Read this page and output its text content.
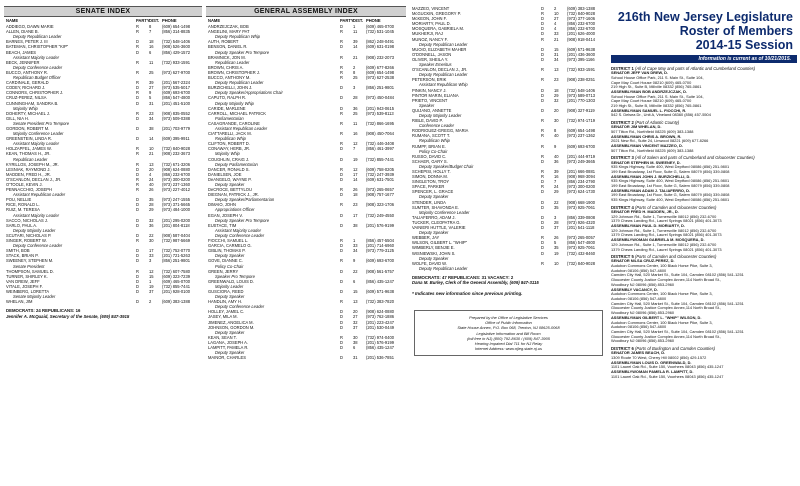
SENATE INDEX
NAME	PARTY DIST. PHONE
ADDIEGO, DAWN MARIE	R	8	(609) 654-1498
ALLEN, DIANE B.	R	7	(856) 314-8835
Deputy Republican Leader
BARNES, PETER J. III	D	18	(732) 548-1406
BATEMAN, CHRISTOPHER "KIP"	R	16	(908) 526-3600
BEACH, JAMES	D	6	(856) 429-1572
Assistant Majority Leader
BECK, JENNIFER	R	11	(732) 933-1591
Deputy Conference Leader
BUCCO, ANTHONY R.	R	25	(973) 627-9700
Republican Budget Officer
CARDINALE, GERALD	R	39	(201) 567-2324
CODEY, RICHARD J.	D	27	(973) 535-5017
CONNORS, CHRISTOPHER J.	R	9	(609) 693-6700
CRUZ-PEREZ, NILSA	D	5	(856) 547-4800
CUNNINGHAM, SANDRA B.	D	31	(201) 451-5100
Majority Whip
DOHERTY, MICHAEL J.	R	23	(908) 835-0552
GILL, NIA H.	D	34	(973) 509-0388
Senate President Pro Tempore
GORDON, ROBERT M.	D	38	(201) 703-9779
Majority Conference Leader
GREENSTEIN, LINDA R.	D	14	(609) 395-9911
Assistant Majority Leader
HOLZAPFEL, JAMES W.	R	10	(732) 840-9028
KEAN, THOMAS H., JR.	R	21	(908) 232-3673
Republican Leader
KYRILLOS, JOSEPH M., JR.	R	13	(732) 671-3206
LESNIAK, RAYMOND J.	D	20	(908) 624-0880
MADDEN, FRED H., JR.	D	4	(856) 232-6700
O'SCANLON, DECLAN J., JR.	R	24	(973) 300-0200
O'TOOLE, KEVIN J.	R	40	(973) 237-1360
PENNACCHIO, JOSEPH	R	26	(973) 227-4012
Assistant Republican Leader
POU, NELLIE	D	35	(973) 247-1555
RICE, RONALD L.	D	28	(973) 371-5665
RUIZ, M. TERESA	D	29	(973) 484-1000
Assistant Majority Leader
SACCO, NICHOLAS J.	D	32	(201) 295-0200
SARLO, PAUL A.	D	36	(201) 804-8118
Deputy Majority Leader
SCUTARI, NICHOLAS P.	D	22	(908) 587-0404
SINGER, ROBERT W.	R	30	(732) 987-5669
Deputy Conference Leader
SMITH, BOB	D	17	(732) 752-0770
STACK, BRIAN P.	D	33	(201) 721-5263
SWEENEY, STEPHEN M.	D	3	(856) 251-9801
Senate President
THOMPSON, SAMUEL D.	R	12	(732) 607-7580
TURNER, SHIRLEY K.	D	15	(609) 323-7239
VAN DREW, JEFF	D	1	(609) 465-0700
VITALE, JOSEPH F.	D	19	(732) 855-7441
WEINBERG, LORETTA	D	37	(201) 928-0100
Senate Majority Leader
WHELAN, JIM	D	2	(609) 383-1388
DEMOCRATS: 24 REPUBLICANS: 16
Jennifer A. McQuaid, Secretary of the Senate, (609) 847-3915
GENERAL ASSEMBLY INDEX
NAME	PARTY DIST. PHONE
ANDRZEJCZAK, BOB	D	1	(609) 465-0700
ANGELINI, MARY PAT	R	11	(732) 531-1045
Deputy Republican Whip
AUTH, ROBERT	R	39	(862) 248-0491
BENSON, DANIEL R.	D	14	(609) 631-0198
Deputy Speaker Pro Tempore
BRAMNICK, JON M.	R	21	(908) 232-2073
Republican Leader
BROWN, CHRIS A.	R	2	(609) 677-8266
BROWN, CHRISTOPHER J.	R	8	(609) 654-1498
BUCCO, ANTHONY M.	R	25	(973) 627-2538
Deputy Republican Leader
BURZICHELLI, JOHN J.	D	3	(856) 251-9801
Deputy Speaker/Appropriations Chair
CAPUTO, RALPH R.	D	28	(973) 450-0484
Deputy Majority Whip
CARIDE, MARLENE	D	36	(201) 943-0615
CARROLL, MICHAEL PATRICK	R	25	(973) 539-8113
Parliamentarian
CASAGRANDE, CAROLINE	R	11	(732) 866-1695
Assistant Republican Leader
CIATTARELLI, JACK M.	R	16	(908) 450-7064
Republican Whip
CLIFTON, ROBERT D.	R	12	(732) 446-3408
CONAWAY, HERB, JR.	D	7	(856) 461-3997
Majority Whip
COUGHLIN, CRAIG J.	D	19	(732) 855-7441
Deputy Parliamentarian
DANCER, RONALD S.	R	12	(609) 758-0205
DANIELSEN, JOE	D	17	(732) 247-3939
DeANGELO, WAYNE P.	D	14	(609) 631-7501
Deputy Speaker
DeCROCE, BETTYLOU	R	26	(973) 265-0657
DIEGNAN, PATRICK J., JR.	D	18	(908) 757-1677
Deputy Speaker/Parliamentarian
DIMAIO, JOHN	R	23	(908) 323-1706
Appropriations Officer
EGAN, JOSEPH V.	D	17	(732) 249-4550
Deputy Speaker Pro Tempore
EUSTACE, TIM	D	38	(201) 576-9199
Assistant Majority Leader
Deputy Conference Leader
FIOCCHI, SAMUEL L.	R	1	(856) 457-5504
GARCIA, CARMELO G.	D	33	(201) 714-6960
GIBLIN, THOMAS P.	D	34	(973) 779-3125
Deputy Speaker
GOVE, DIANNE C.	R	9	(609) 693-6700
Policy Co-Chair
GREEN, JERRY	D	22	(908) 561-5757
Speaker Pro Tempore
GREENWALD, LOUIS D.	D	6	(856) 435-1247
Majority Leader
GUSCIORA, REED	D	15	(609) 571-9638
Deputy Speaker
HANDLIN, AMY H.	R	13	(732) 383-7820
Deputy Conference Leader
HOLLEY, JAMEL C.	D	20	(908) 624-0880
JASEY, MILA M.	D	27	(973) 762-1886
JIMENEZ, ANGELICA M.	D	32	(201) 223-4247
JOHNSON, GORDON M.	D	37	(201) 530-0449
Deputy Speaker
KEAN, SEAN T.	R	30	(732) 974-0400
LAGANA, JOSEPH A.	D	38	(201) 576-9199
LAMPITT, PAMELA R.	D	6	(856) 435-1247
Deputy Speaker
MAINOR, CHARLES	D	31	(201) 536-7851
MAZZEO, VINCENT	D	2	(609) 383-1388
McGUCKIN, GREGORY P.	R	10	(732) 840-9028
McKEON, JOHN F.	D	27	(973) 377-1606
MORIARTY, PAUL D.	D	4	(856) 232-6700
MOSQUERA, GABRIELA M.	D	4	(856) 232-6700
MUKHERJI, RAJ	D	33	(201) 626-4000
MUNOZ, NANCY F.	R	21	(908) 918-0414
Deputy Republican Leader
MUOIO, ELIZABETH MAHER	D	15	(609) 571-9638
O'DONNELL, JASON	D	31	(201) 436-3600
OLIVER, SHEILA Y.	D	34	(973) 395-1166
Speaker Emeritus
O'SCANLON, DECLAN J., JR.	R	13	(732) 933-1591
Deputy Republican Leader
PETERSON, ERIK	R	23	(908) 238-0251
Assistant Republican Whip
PINKIN, NANCY J.	D	18	(732) 548-1406
PINTOR MARIN, ELIANA	D	29	(973) 589-0713
PRIETO, VINCENT	D	32	(201) 770-1303
Speaker
QUIJANO, ANNETTE	D	20	(908) 327-9119
Deputy Majority Leader
RIBLE, DAVID P.	R	30	(732) 974-1719
Conference Leader
RODRIGUEZ-GREGG, MARIA	R	8	(609) 654-1498
RUMANA, SCOTT T.	R	40	(973) 237-1362
Republican Whip
RUMPF, BRIAN E.	R	9	(609) 693-6700
Policy Co-Chair
RUSSO, DAVID C.	R	40	(201) 444-9719
SCHAER, GARY S.	D	36	(973) 249-3665
Deputy Speaker/Budget Chair
SCHEPISI, HOLLY T.	R	39	(201) 666-0881
SIMON, DONNA M.	R	16	(908) 968-3094
SINGLETON, TROY	D	7	(856) 234-2790
SPACE, PARKER	R	24	(973) 300-0200
SPENCER, L. GRACE	D	29	(973) 624-1730
Deputy Speaker
STENDER, LINDA	D	22	(908) 668-1900
SUMTER, SHAVONDA E.	D	35	(973) 925-7061
Majority Conference Leader
TALIAFERRO, ADAM J.	D	3	(856) 339-0808
TUCKER, CLEOPATRA G.	D	28	(973) 926-4320
VAINIERI HUTTLE, VALERIE	D	37	(201) 541-1118
Deputy Speaker
WEBBER, JAY	R	26	(973) 265-0057
WILSON, GILBERT L. "WHIP"	D	5	(856) 547-4800
WIMBERLY, BENJIE E.	D	35	(973) 925-7061
WISNIEWSKI, JOHN S.	D	19	(732) 432-8460
Deputy Speaker
WOLFE, DAVID W.	R	10	(732) 840-9028
Deputy Republican Leader
DEMOCRATS: 47 REPUBLICANS: 31 VACANCY: 2
Dana M. Burley, Clerk of the General Assembly, (609) 847-3115
* Indicates new information since previous printing.
Prepared by the Office of Legislative Services
Office of Public Information
State House Annex, P.O. Box 068, Trenton, NJ 08625-0068
Legislative Information and Bill Room
(toll free in NJ) (800) 792-8630 / (609) 847-3905
Hearing Impaired Dial 711 for NJ Relay
Internet Address: www.njleg.state.nj.us
216th New Jersey Legislature
Roster of Members
2014-15 Session
Information is current as of 10/21/2015.
DISTRICT 1 (All of Cape May and parts of Atlantic and Cumberland Counties)
SENATOR JEFF VAN DREW, D.
School House Office Park, 211 S. Main St., Suite 104,
Cape May Court House 08210 (609) 465-0700
219 High St., Suite B, Millville 08332 (856) 765-0861
ASSEMBLYMAN BOB ANDRZEJCZAK, D.
School House Office Park, 211 S. Main St., Suite 104,
Cape May Court House 08210 (609) 465-0700
219 High St., Suite B, Millville 08332 (856) 765-0861
ASSEMBLYMAN SAMUEL L. FIOCCHI, R.
542 S. Delsea Dr., Unit A, Vineland 08360 (856) 457-5504
DISTRICT 2 (Part of Atlantic County)
SENATOR JIM WHELAN, D.
507 Tilton Rd., Northfield 08225 (609) 383-1388
ASSEMBLYMAN CHRIS A. BROWN, R.
2021 New Rd., Suite 24, Linwood 08221 (609) 677-8266
ASSEMBLYMAN VINCENT MAZZEO, D.
507 Tilton Rd., Northfield 08225 (609) 383-1388
DISTRICT 3 (All of Salem and parts of Cumberland and Gloucester Counties)
SENATOR STEPHEN M. SWEENEY, D.
935 Kings Highway, Suite 400, West Deptford 08086 (856) 251-9801
199 East Broadway, 1st Floor, Suite G, Salem 08079 (856) 339-0808
ASSEMBLYMAN JOHN J. BURZICHELLI, D.
935 Kings Highway, Suite 400, West Deptford 08086 (856) 251-9801
199 East Broadway, 1st Floor, Suite G, Salem 08079 (856) 339-0808
ASSEMBLYMAN ADAM J. TALIAFERRO, D.
199 East Broadway, 1st Floor, Suite G, Salem 08079 (856) 339-0808
935 Kings Highway, Suite 400, West Deptford 08086 (856) 251-9801
DISTRICT 4 (Parts of Camden and Gloucester Counties)
SENATOR FRED H. MADDEN, JR., D.
129 Johnson Rd., Suite 1, Turnersville 08012 (856) 232-6700
1379 Chews Landing Rd., Laurel Springs 08021 (856) 401-3073
ASSEMBLYMAN PAUL D. MORIARTY, D.
129 Johnson Rd., Suite 1, Turnersville 08012 (856) 232-6700
1379 Chews Landing Rd., Laurel Springs 08021 (856) 401-3073
ASSEMBLYWOMAN GABRIELA M. MOSQUERA, D.
129 Johnson Rd., Suite 1, Turnersville 08012 (856) 232-6700
1379 Chews Landing Rd., Laurel Springs 08021 (856) 401-3073
DISTRICT 5 (Parts of Camden and Gloucester Counties)
SENATOR NILSA CRUZ-PEREZ, D.
Audubon Commons Center, 100 Black Horse Pike, Suite 3,
Audubon 08106 (856) 547-4800
Camden City Hall, 520 Market St., Suite 104, Camden 08102 (856) 541-1251
Gloucester County Justice Complex Annex,114 North Broad St.,
Woodbury NJ 08096 (856) 853-2960
ASSEMBLY VACANCY, D.
Audubon Commons Center, 100 Black Horse Pike, Suite 3,
Audubon 08106 (856) 547-4800
Camden City Hall, 520 Market St., Suite 104, Camden 08102 (856) 541-1251
Gloucester County Justice Complex Annex,114 North Broad St.,
Woodbury NJ 08096 (856) 853-2960
ASSEMBLYMAN GILBERT L. "WHIP" WILSON, D.
Audubon Commons Center, 100 Black Horse Pike, Suite 3,
Audubon 08106 (856) 547-4800
Camden City Hall, 520 Market St., Suite 104, Camden 08102 (856) 541-1251
Gloucester County Justice Complex Annex,114 North Broad St.,
Woodbury NJ 08096 (856) 853-2960
DISTRICT 6 (Parts of Burlington and Camden Counties)
SENATOR JAMES BEACH, D.
1309 Route 70 West, Cherry Hill 08002 (856) 429-1572
ASSEMBLYMAN LOUIS D. GREENWALD, D.
1101 Laurel Oak Rd., Suite 150, Voorhees 08043 (856) 435-1247
ASSEMBLYWOMAN PAMELA R. LAMPITT, D.
1101 Laurel Oak Rd., Suite 150, Voorhees 08043 (856) 435-1247
